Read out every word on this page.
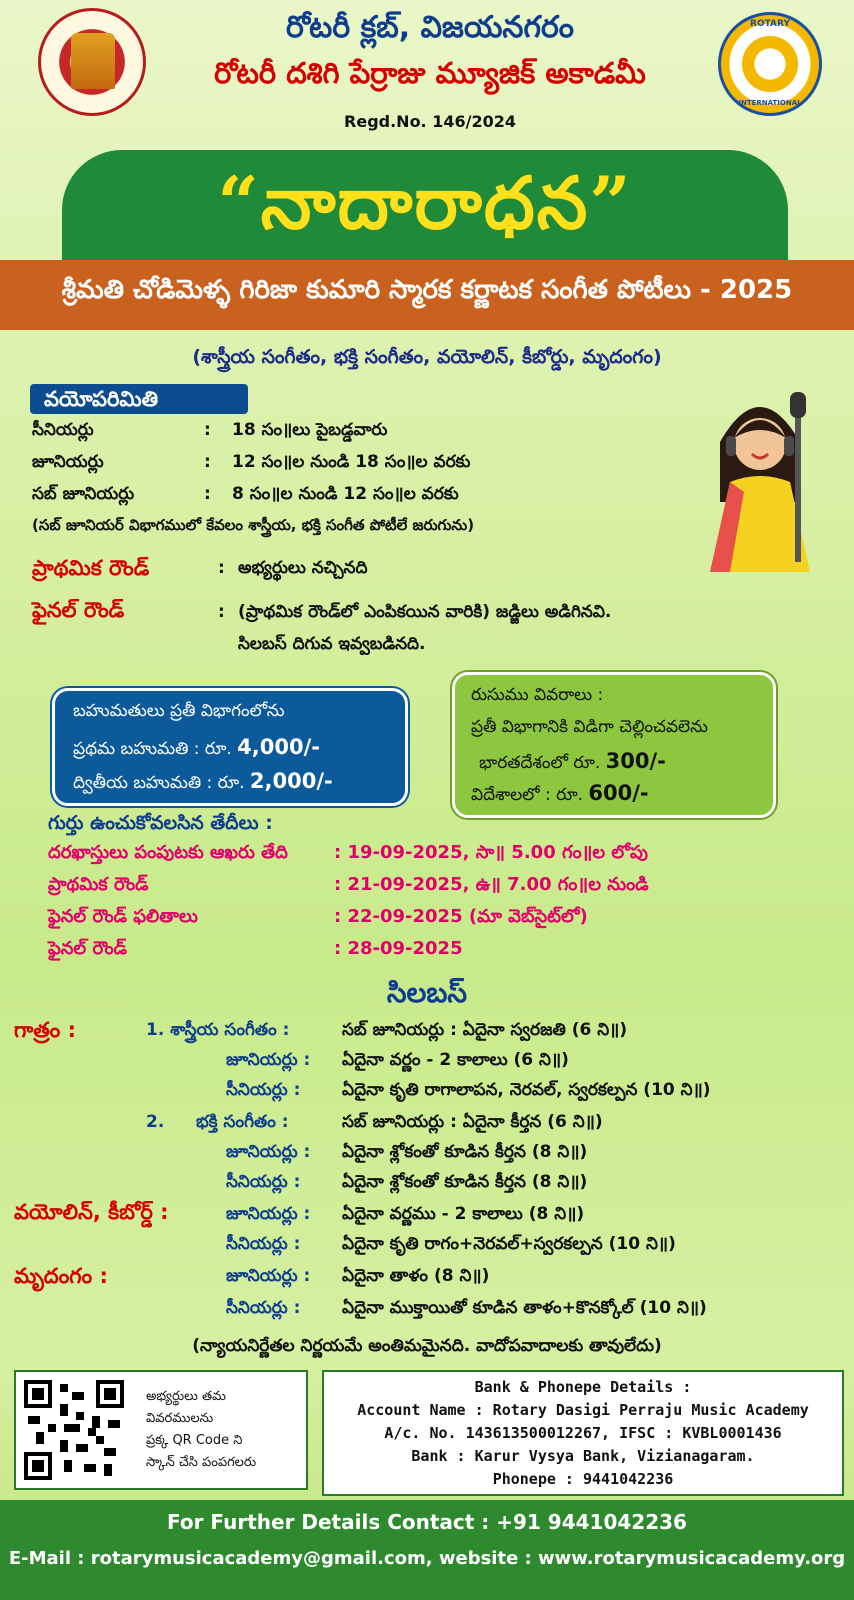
ROTARY
INTERNATIONAL
రోటరీ క్లబ్, విజయనగరం
రోటరీ దశిగి పేర్రాజు మ్యూజిక్ అకాడమీ
Regd.No. 146/2024
“నాదారాధన”
శ్రీమతి చోడిమెళ్ళ గిరిజా కుమారి స్మారక కర్ణాటక సంగీత పోటీలు - 2025
(శాస్త్రీయ సంగీతం, భక్తి సంగీతం, వయోలిన్, కీబోర్డు, మృదంగం)
వయోపరిమితి
సీనియర్లు	: 18 సం॥లు పైబడ్డవారు
జూనియర్లు	: 12 సం॥ల నుండి 18 సం॥ల వరకు
సబ్ జూనియర్లు	: 8 సం॥ల నుండి 12 సం॥ల వరకు
(సబ్ జూనియర్ విభాగములో కేవలం శాస్త్రీయ, భక్తి సంగీత పోటీలే జరుగును)
ప్రాథమిక రౌండ్	: అభ్యర్థులు నచ్చినది
ఫైనల్ రౌండ్	: (ప్రాథమిక రౌండ్‌లో ఎంపికయిన వారికి) జడ్జిలు అడిగినవి.
సిలబస్ దిగువ ఇవ్వబడినది.
బహుమతులు ప్రతీ విభాగంలోను
ప్రథమ బహుమతి : రూ. 4,000/-
ద్వితీయ బహుమతి : రూ. 2,000/-
రుసుము వివరాలు :
ప్రతీ విభాగానికి విడిగా చెల్లించవలెను
భారతదేశంలో రూ. 300/-
విదేశాలలో : రూ. 600/-
గుర్తు ఉంచుకోవలసిన తేదీలు :
దరఖాస్తులు పంపుటకు ఆఖరు తేది	: 19-09-2025, సా॥ 5.00 గం॥ల లోపు
ప్రాథమిక రౌండ్	: 21-09-2025, ఉ॥ 7.00 గం॥ల నుండి
ఫైనల్ రౌండ్ ఫలితాలు	: 22-09-2025 (మా వెబ్‌సైట్‌లో)
ఫైనల్ రౌండ్	: 28-09-2025
సిలబస్
గాత్రం :	1. శాస్త్రీయ సంగీతం :	సబ్ జూనియర్లు : ఏదైనా స్వరజతి (6 ని॥)
జూనియర్లు : ఏదైనా వర్ణం - 2 కాలాలు (6 ని॥)
సీనియర్లు : ఏదైనా కృతి రాగాలాపన, నెరవల్, స్వరకల్పన (10 ని॥)
2. భక్తి సంగీతం :	సబ్ జూనియర్లు : ఏదైనా కీర్తన (6 ని॥)
జూనియర్లు : ఏదైనా శ్లోకంతో కూడిన కీర్తన (8 ని॥)
సీనియర్లు : ఏదైనా శ్లోకంతో కూడిన కీర్తన (8 ని॥)
వయోలిన్, కీబోర్డ్ :	జూనియర్లు : ఏదైనా వర్ణము - 2 కాలాలు (8 ని॥)
సీనియర్లు : ఏదైనా కృతి రాగం+నెరవల్+స్వరకల్పన (10 ని॥)
మృదంగం :	జూనియర్లు : ఏదైనా తాళం (8 ని॥)
సీనియర్లు : ఏదైనా ముక్తాయితో కూడిన తాళం+కొనక్కోల్ (10 ని॥)
(న్యాయనిర్ణేతల నిర్ణయమే అంతిమమైనది. వాదోపవాదాలకు తావులేదు)
అభ్యర్థులు తమ
వివరములను
ప్రక్క QR Code ని
స్కాన్ చేసి పంపగలరు
Bank & Phonepe Details :
Account Name : Rotary Dasigi Perraju Music Academy
A/c. No. 143613500012267, IFSC : KVBL0001436
Bank : Karur Vysya Bank, Vizianagaram.
Phonepe : 9441042236
For Further Details Contact : +91 9441042236
E-Mail : rotarymusicacademy@gmail.com, website : www.rotarymusicacademy.org
